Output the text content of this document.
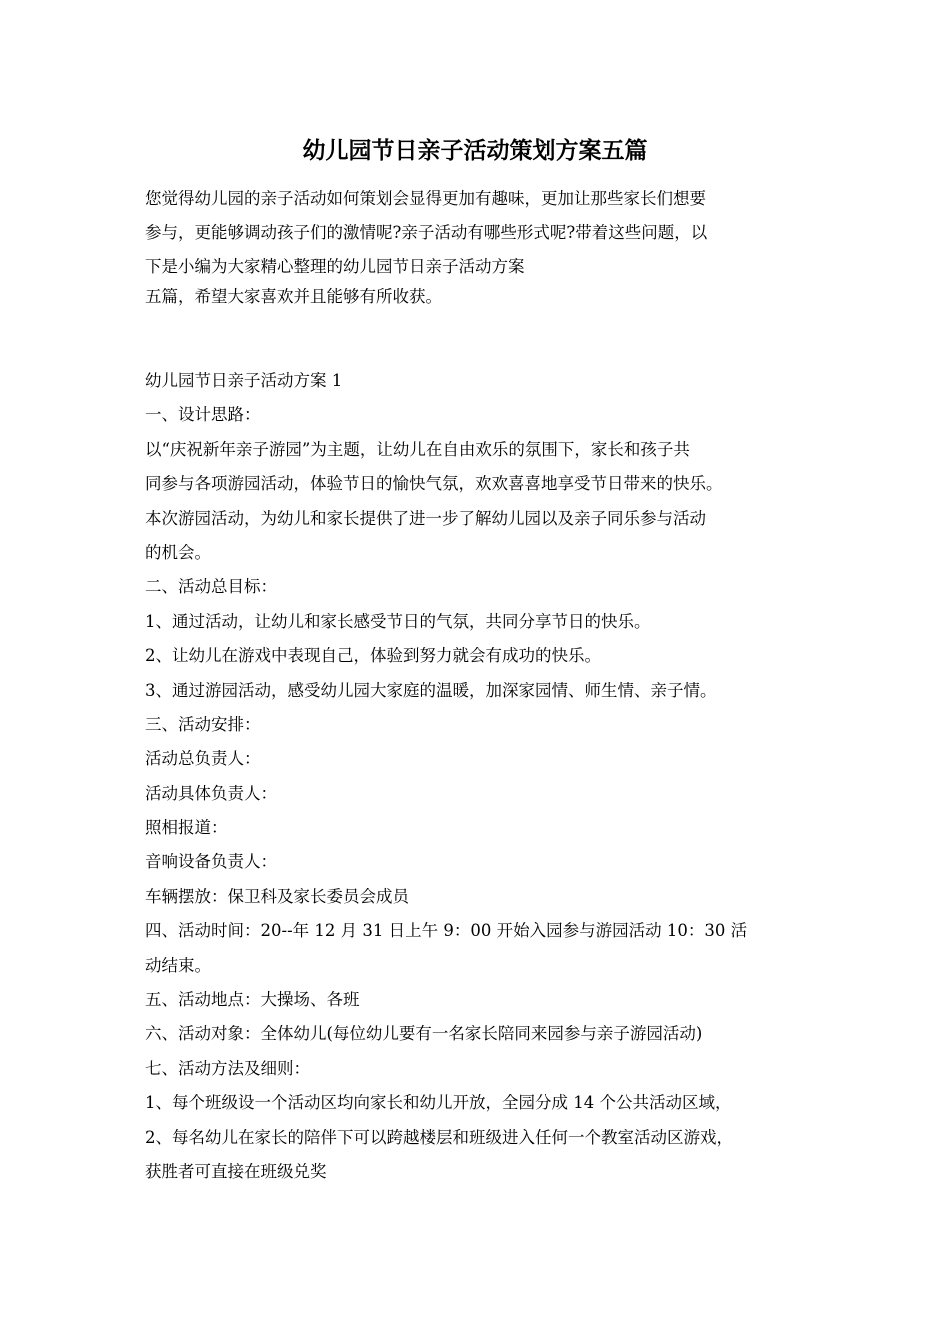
幼儿园节日亲子活动策划方案五篇
您觉得幼儿园的亲子活动如何策划会显得更加有趣味，更加让那些家长们想要
参与，更能够调动孩子们的激情呢?亲子活动有哪些形式呢?带着这些问题，以
下是小编为大家精心整理的幼儿园节日亲子活动方案
五篇，希望大家喜欢并且能够有所收获。
幼儿园节日亲子活动方案 1
一、设计思路：
以“庆祝新年亲子游园”为主题，让幼儿在自由欢乐的氛围下，家长和孩子共
同参与各项游园活动，体验节日的愉快气氛，欢欢喜喜地享受节日带来的快乐。
本次游园活动，为幼儿和家长提供了进一步了解幼儿园以及亲子同乐参与活动
的机会。
二、活动总目标：
1、通过活动，让幼儿和家长感受节日的气氛，共同分享节日的快乐。
2、让幼儿在游戏中表现自己，体验到努力就会有成功的快乐。
3、通过游园活动，感受幼儿园大家庭的温暖，加深家园情、师生情、亲子情。
三、活动安排：
活动总负责人：
活动具体负责人：
照相报道：
音响设备负责人：
车辆摆放：保卫科及家长委员会成员
四、活动时间：20--年 12 月 31 日上午 9：00 开始入园参与游园活动 10：30 活
动结束。
五、活动地点：大操场、各班
六、活动对象：全体幼儿(每位幼儿要有一名家长陪同来园参与亲子游园活动)
七、活动方法及细则：
1、每个班级设一个活动区均向家长和幼儿开放，全园分成 14 个公共活动区域，
2、每名幼儿在家长的陪伴下可以跨越楼层和班级进入任何一个教室活动区游戏，
获胜者可直接在班级兑奖
